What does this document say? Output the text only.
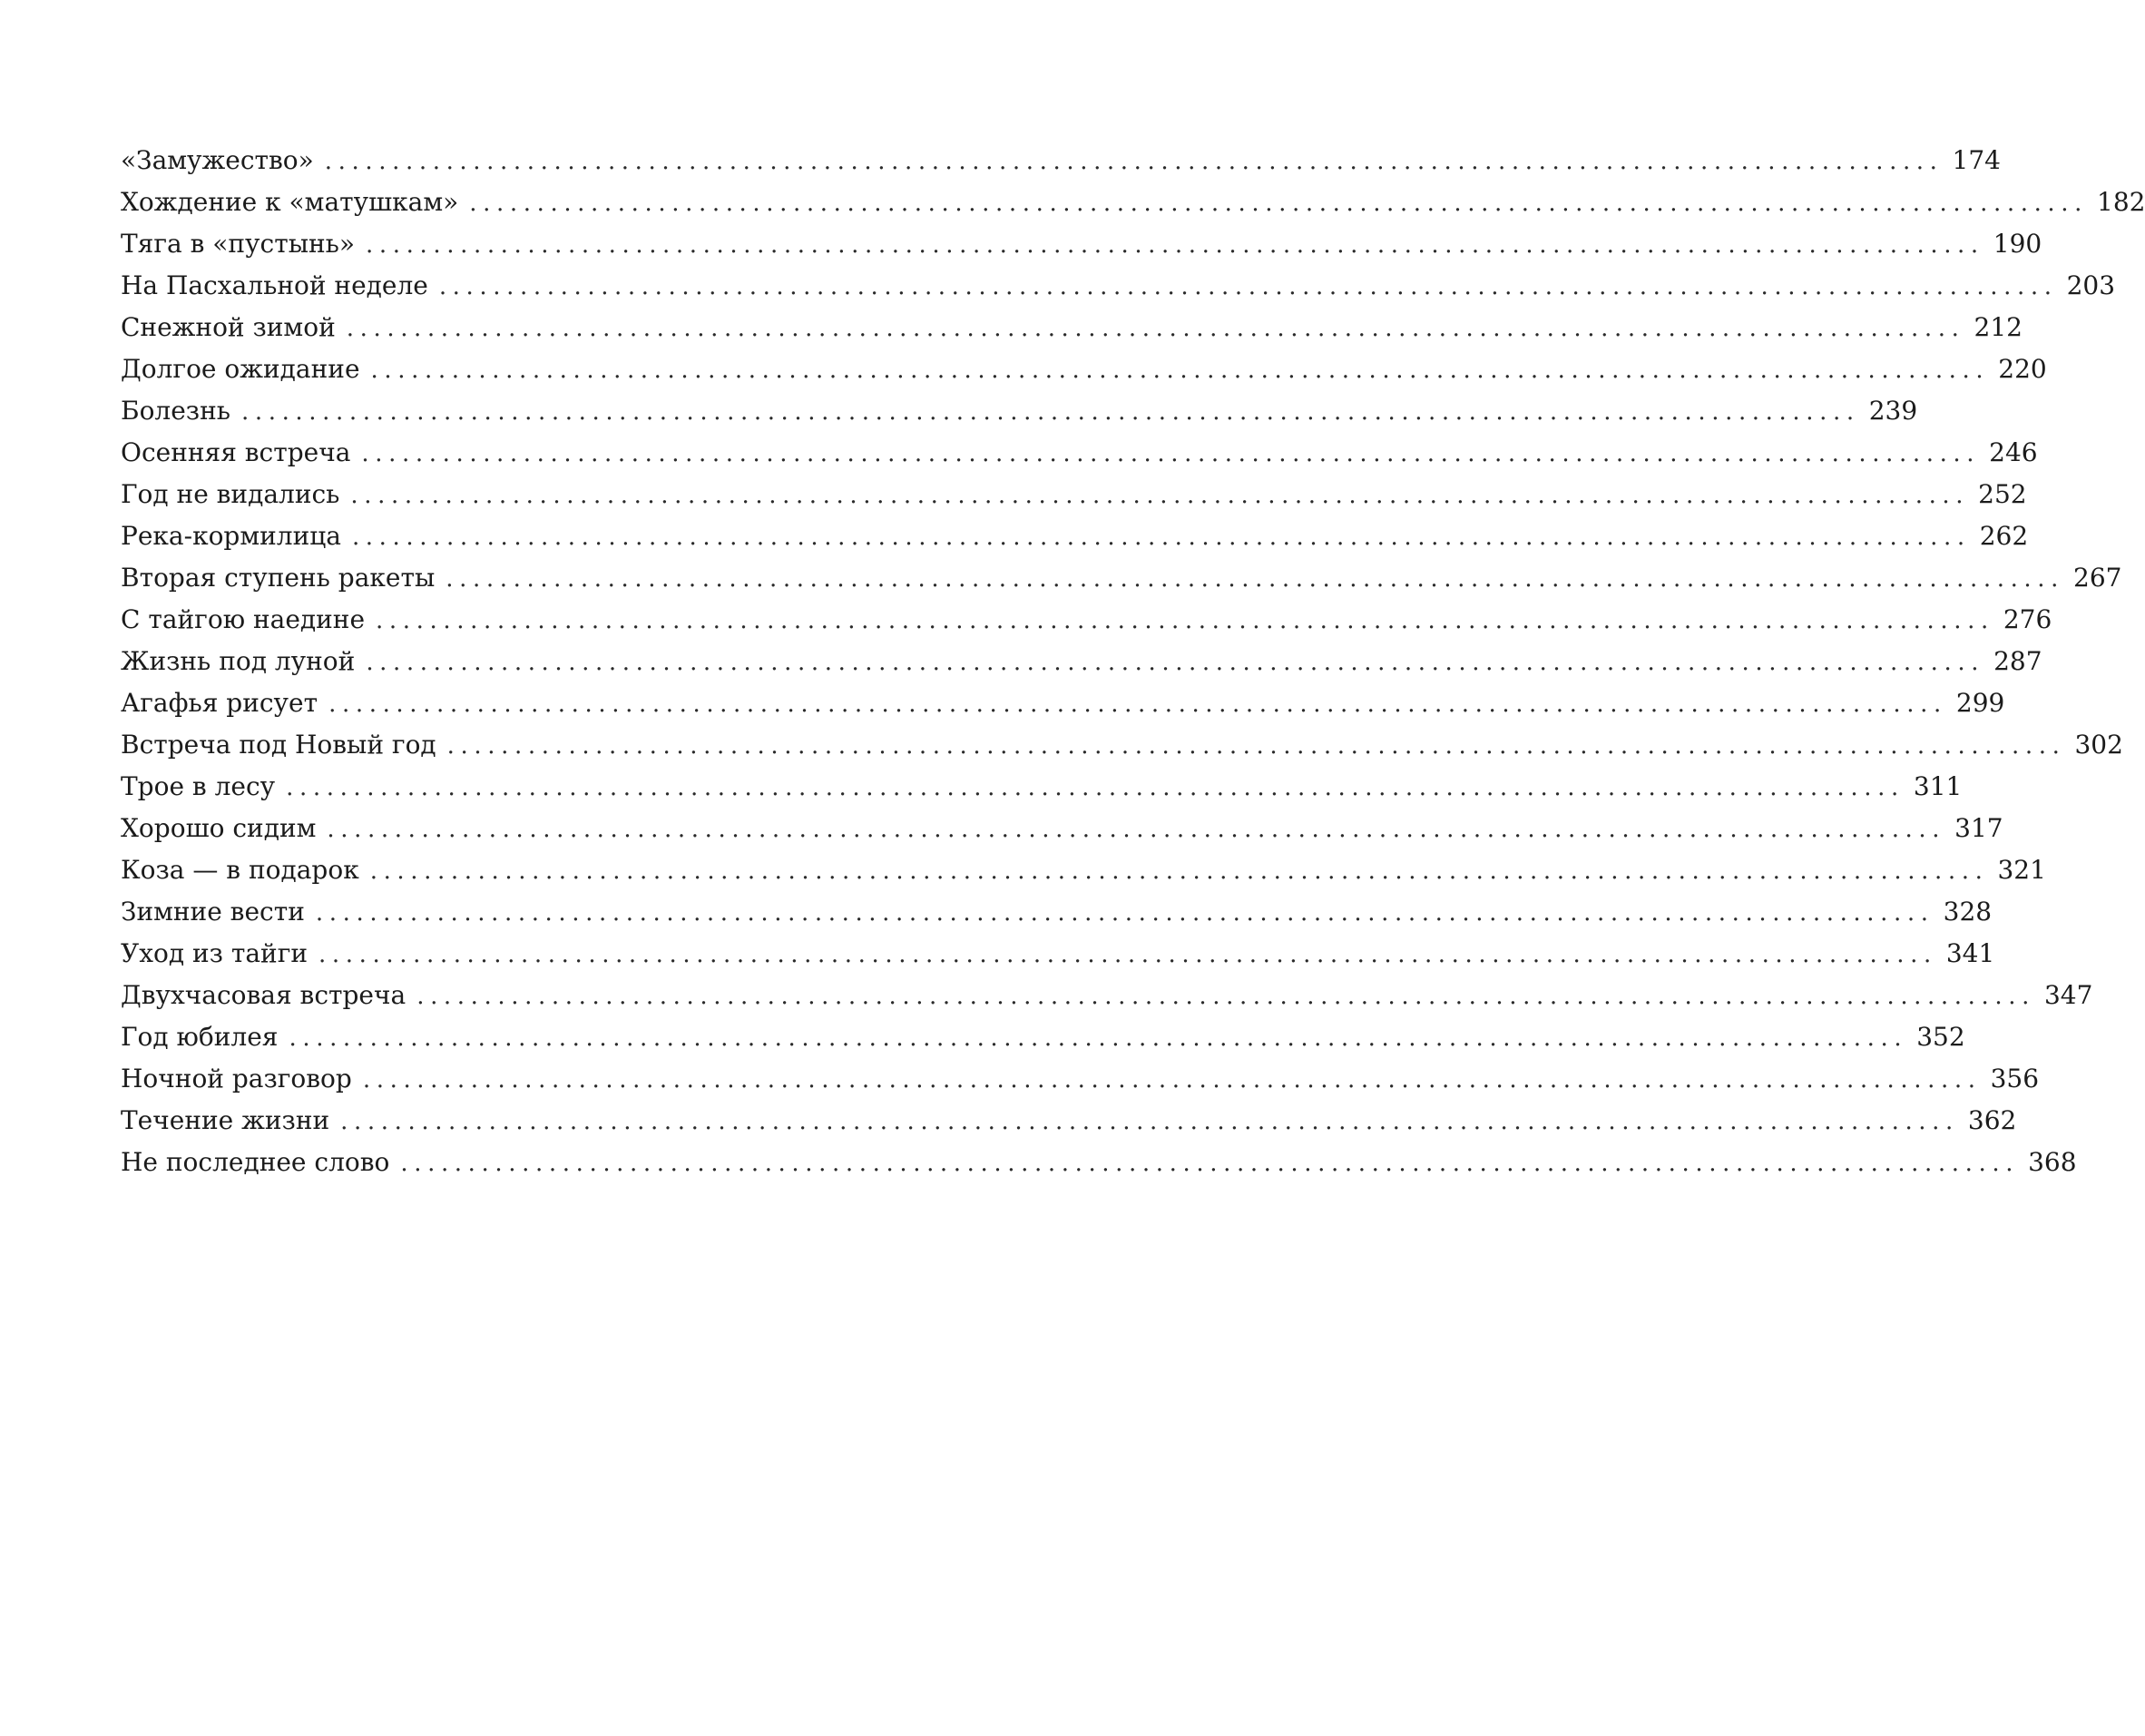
«Замужество» ........................................................................................................................ 174
Хождение к «матушкам» ........................................................................................................................ 182
Тяга в «пустынь» ........................................................................................................................ 190
На Пасхальной неделе ........................................................................................................................ 203
Снежной зимой ........................................................................................................................ 212
Долгое ожидание ........................................................................................................................ 220
Болезнь ........................................................................................................................ 239
Осенняя встреча ........................................................................................................................ 246
Год не видались ........................................................................................................................ 252
Река-кормилица ........................................................................................................................ 262
Вторая ступень ракеты ........................................................................................................................ 267
С тайгою наедине ........................................................................................................................ 276
Жизнь под луной ........................................................................................................................ 287
Агафья рисует ........................................................................................................................ 299
Встреча под Новый год ........................................................................................................................ 302
Трое в лесу ........................................................................................................................ 311
Хорошо сидим ........................................................................................................................ 317
Коза — в подарок ........................................................................................................................ 321
Зимние вести ........................................................................................................................ 328
Уход из тайги ........................................................................................................................ 341
Двухчасовая встреча ........................................................................................................................ 347
Год юбилея ........................................................................................................................ 352
Ночной разговор ........................................................................................................................ 356
Течение жизни ........................................................................................................................ 362
Не последнее слово ........................................................................................................................ 368
